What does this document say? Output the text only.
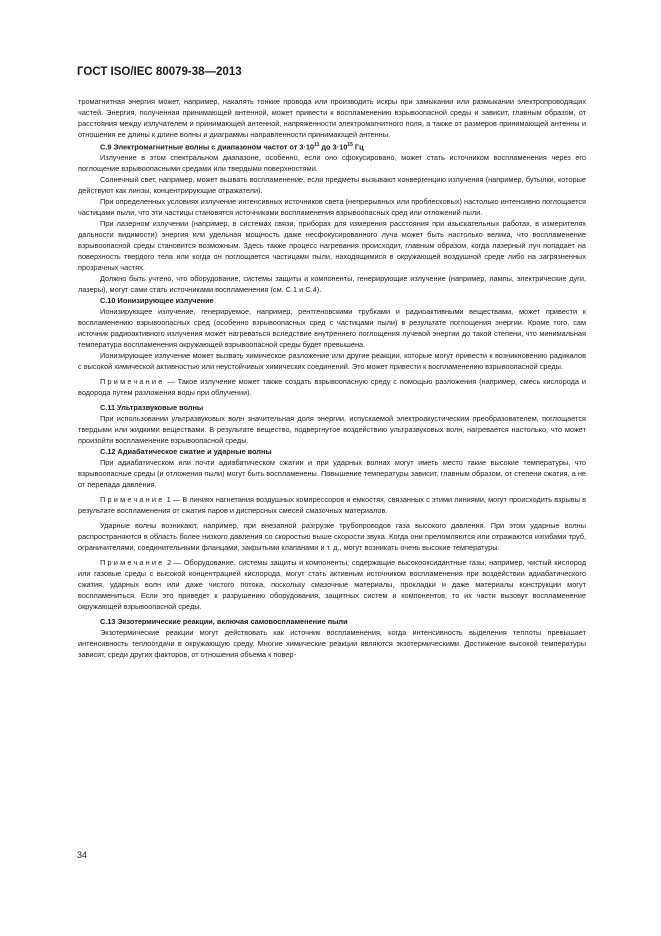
ГОСТ ISO/IEC 80079-38—2013

тромагнитная энергия может, например, накалять тонкие провода или производить искры при замыкании или размыкании электропроводящих частей. Энергия, полученная принимающей антенной, может привести к воспламенению взрывоопасной среды и зависит, главным образом, от расстояния между излучателем и принимающей антенной, напряженности электромагнитного поля, а также от размеров принимающей антенны и отношения ее длины к длине волны и диаграммы направленности принимающей антенны.

С.9 Электромагнитные волны с диапазоном частот от $3\cdot 10^{11}$ до $3\cdot 10^{15}$ Гц

Излучение в этом спектральном диапазоне, особенно, если оно сфокусировано, может стать источником воспламенения через его поглощение взрывоопасными средами или твердыми поверхностями.

Солнечный свет, например, может вызвать воспламенение, если предметы вызывают конвергенцию излучения (например, бутылки, которые действуют как линзы, концентрирующие отражатели).

При определенных условиях излучение интенсивных источников света (непрерывных или проблесковых) настолько интенсивно поглощается частицами пыли, что эти частицы становятся источниками воспламенения взрывоопасных сред или отложений пыли.

При лазерном излучении (например, в системах связи, приборах для измерения расстояния при изыскательных работах, в измерителях дальности видимости) энергия или удельная мощность даже несфокусированного луча может быть настолько велика, что воспламенение взрывоопасной среды становится возможным. Здесь также процесс нагревания происходит, главным образом, когда лазерный луч попадает на поверхность твердого тела или когда он поглощается частицами пыли, находящимися в окружающей воздушной среде либо на загрязненных прозрачных частях.

Должно быть учтено, что оборудование, системы защиты и компоненты, генерирующие излучение (например, лампы, электрические дуги, лазеры), могут сами стать источниками воспламенения (см. С.1 и С.4).

С.10 Ионизирующее излучение

Ионизирующее излучение, генерируемое, например, рентгеновскими трубками и радиоактивными веществами, может привести к воспламенению взрывоопасных сред (особенно взрывоопасных сред с частицами пыли) в результате поглощения энергии. Кроме того, сам источник радиоактивного излучения может нагреваться вследствие внутреннего поглощения лучевой энергии до такой степени, что минимальная температура воспламенения окружающей взрывоопасной среды будет превышена.

Ионизирующее излучение может вызвать химическое разложение или другие реакции, которые могут привести к возникновению радикалов с высокой химической активностью или неустойчивых химических соединений. Это может привести к воспламенению взрывоопасной среды.

Примечание — Такое излучение может также создать взрывоопасную среду с помощью разложения (например, смесь кислорода и водорода путем разложения воды при облучении).

С.11 Ультразвуковые волны

При использовании ультразвуковых волн значительная доля энергии, испускаемой электроакустическим преобразователем, поглощается твердыми или жидкими веществами. В результате вещество, подвергнутое воздействию ультразвуковых волн, нагревается настолько, что может произойти воспламенение взрывоопасной среды.

С.12 Адиабатическое сжатие и ударные волны

При адиабатическом или почти адиабатическом сжатии и при ударных волнах могут иметь место такие высокие температуры, что взрывоопасные среды (и отложения пыли) могут быть воспламенены. Повышение температуры зависит, главным образом, от степени сжатия, а не от перепада давления.

Примечание 1 — В линиях нагнетания воздушных компрессоров и емкостях, связанных с этими линиями, могут происходить взрывы в результате воспламенения от сжатия паров и дисперсных смесей смазочных материалов.

Ударные волны возникают, например, при внезапной разгрузке трубопроводов газа высокого давления. При этом ударные волны распространяются в область более низкого давления со скоростью выше скорости звука. Когда они преломляются или отражаются изгибами труб, ограничителями, соединительными фланцами, закрытыми клапанами и т. д., могут возникать очень высокие температуры.

Примечание 2 — Оборудование, системы защиты и компоненты, содержащие высокооксидантные газы, например, чистый кислород или газовые среды с высокой концентрацией кислорода, могут стать активным источником воспламенения при воздействии адиабатического сжатия, ударных волн или даже чистого потока, поскольку смазочные материалы, прокладки и даже материалы конструкции могут воспламениться. Если это приведет к разрушению оборудования, защитных систем и компонентов, то их части вызовут воспламенение окружающей взрывоопасной среды.

С.13 Экзотермические реакции, включая самовоспламенение пыли

Экзотермические реакции могут действовать как источник воспламенения, когда интенсивность выделения теплоты превышает интенсивность теплоотдачи в окружающую среду. Многие химические реакции являются экзотермическими. Достижение высокой температуры зависит, среди других факторов, от отношения объема к повер-

34
